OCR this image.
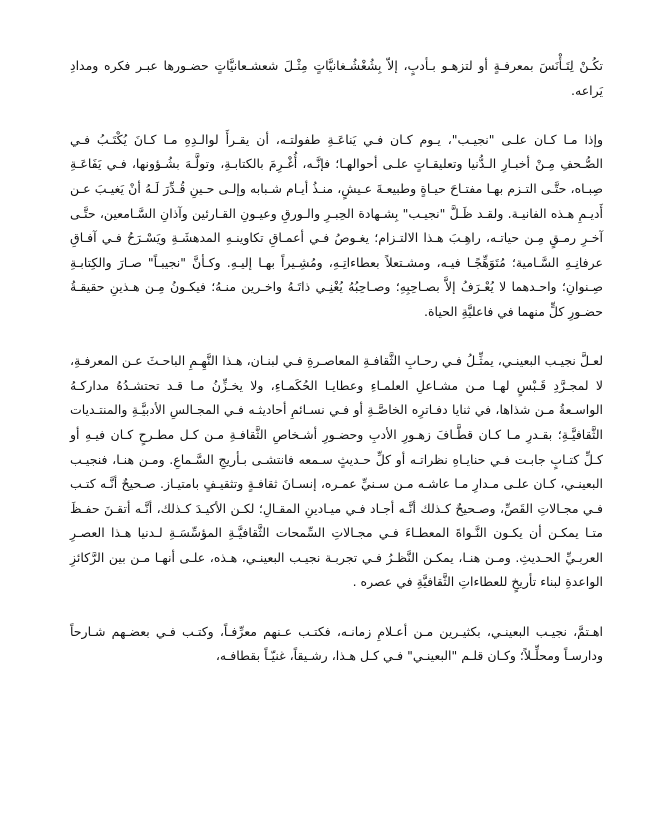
تكُـنْ لِتَـأْنَسَ بمعرفـةٍ أو لتزهـو بـأدبٍ، إلاّ بِشُغْشُـغانيَّاتٍ مِثْـلَ شعشـعانيَّاتٍ حضـورها عبـر فكره ومدادِ يَراعه.

وإذا مـا كـان علـى "نجيـب"، يـوم كـان فـي يَناعَـةِ طفولتـه، أن يقـرأَ لوالـدِهِ مـا كـانَ يُكْتَـبُ فـي الصُّـحفِ مِـنْ أخبـارِ الـدُّنيا وتعليقـاتٍ علـى أحوالهـا؛ فإنَّـه، أُغْـرِمَ بالكتابـةِ، وتولَّـهَ بشُـؤونها، فـي يَفَاعَـةِ صِبـاه، حتَّـى التـزم بهـا مفتـاحَ حيـاةٍ وطبيعـةَ عـيشٍ، منـذُ أيـام شـبابه وإلـى حـينِ قُـدِّرَ لَـهُ أنْ يَغيـبَ عـن أَديـمِ هـذه الفانيـة. ولقـد ظَـلَّ "نجيـب" بِشـهادة الحِبـرِ والـورقِ وعيـونِ القـارئين وآذانِ السَّـامعين، حتَّـى آخـرِ رمـقٍ مِـن حياتـه، راهِـبَ هـذا الالتـزام؛ يغـوصُ فـي أعمـاقِ تكاوينـهِ المدهشَـةِ ويَسْـرَحُ فـي آفـاقِ عرفانِـهِ السَّـامية؛ مُتَوَهِّجًـا فيـه، ومشـتعلاً بعطاءاتِـهِ، ومُشِـيراً بهـا إليـهِ. وكـأنَّ "نجيبـاً" صـارَ والكِتابـةِ صِـنوانِ؛ واحـدهما لا يُعْـرَفُ إلاَّ بصـاحِبِهِ؛ وصـاحِبُهُ يُغْنِـي ذاتَـهُ واخـرين منـهُ؛ فيكـونُ مِـن هـذينِ حقيقـةُ حضـورِ كلٍّ منهما في فاعليَّةِ الحياة.

لعـلَّ نجيـب البعينـي، يمثِّـلُ فـي رحـابِ الثَّقافـةِ المعاصـرةِ فـي لبنـان، هـذا النَّهِـمِ الباحـثَ عـن المعرفـةِ، لا لمجـرَّدِ قَـبْسٍ لهـا مـن مشـاعلِ العلمـاءِ وعطايـا الحُكَمـاءِ، ولا يخـزِّنُ مـا قـد تحتشـدُهُ مداركـهُ الواسـعةُ مـن شذاها، في ثنايا دفـاترِه الخاصَّـةِ أو فـي نسـائمِ أحاديثـه فـي المجـالسِ الأدبيَّـةِ والمنتـديات الثَّقافيَّـةِ؛ بقـدرِ مـا كـان قطَّـافَ زهـورِ الأدبِ وحضـورِ أشـخاصِ الثَّقافـةِ مـن كـل مطـرحٍ كـان فيـهِ أو كـلِّ كتـابٍ جابـت فـي حنايـاهِ نظراتـه أو كلِّ حـديثٍ سـمعه فانتشـى بـأريجِ السَّـماعِ. ومـن هنـا، فنجيـب البعينـي، كـان علـى مـدارِ مـا عاشـه مـن سـنيِّ عمـره، إنسـانَ ثقافـةٍ وتثقيـفٍ بامتيـاز. صـحيحٌ أنَّـه كتـب فـي مجـالاتِ القَصِّ، وصـحيحٌ كـذلك أنَّـه أجـاد فـي ميـادينِ المقـالِ؛ لكـن الأكيـدَ كـذلك، أنَّـه أتقـنَ حفـظَ متـا يمكـن أن يكـون النَّـواةَ المعطـاءَ فـي مجـالاتِ السِّمحات الثَّقافيَّـةِ المؤسِّسَـةِ لـدنيا هـذا العصـرِ العربـيِّ الحـديثِ. ومـن هنـا، يمكـن النَّظـرُ فـي تجربـة نجيـب البعينـي، هـذه، علـى أنهـا مـن بين الرَّكائزِ الواعدةِ لبناء تأريخٍ للعطاءاتِ الثَّقافيَّةِ في عصره .

اهـتمَّ، نجيـب البعينـي، بكثيـرين مـن أعـلامِ زمانـه، فكتـب عـنهم معرِّفـاً، وكتـب فـي بعضـهم شـارحاً ودارسـاً ومحلِّـلاً؛ وكـان قلـم "البعينـي" فـي كـل هـذا، رشـيقاً، غنيّـاً بقطافـه،
